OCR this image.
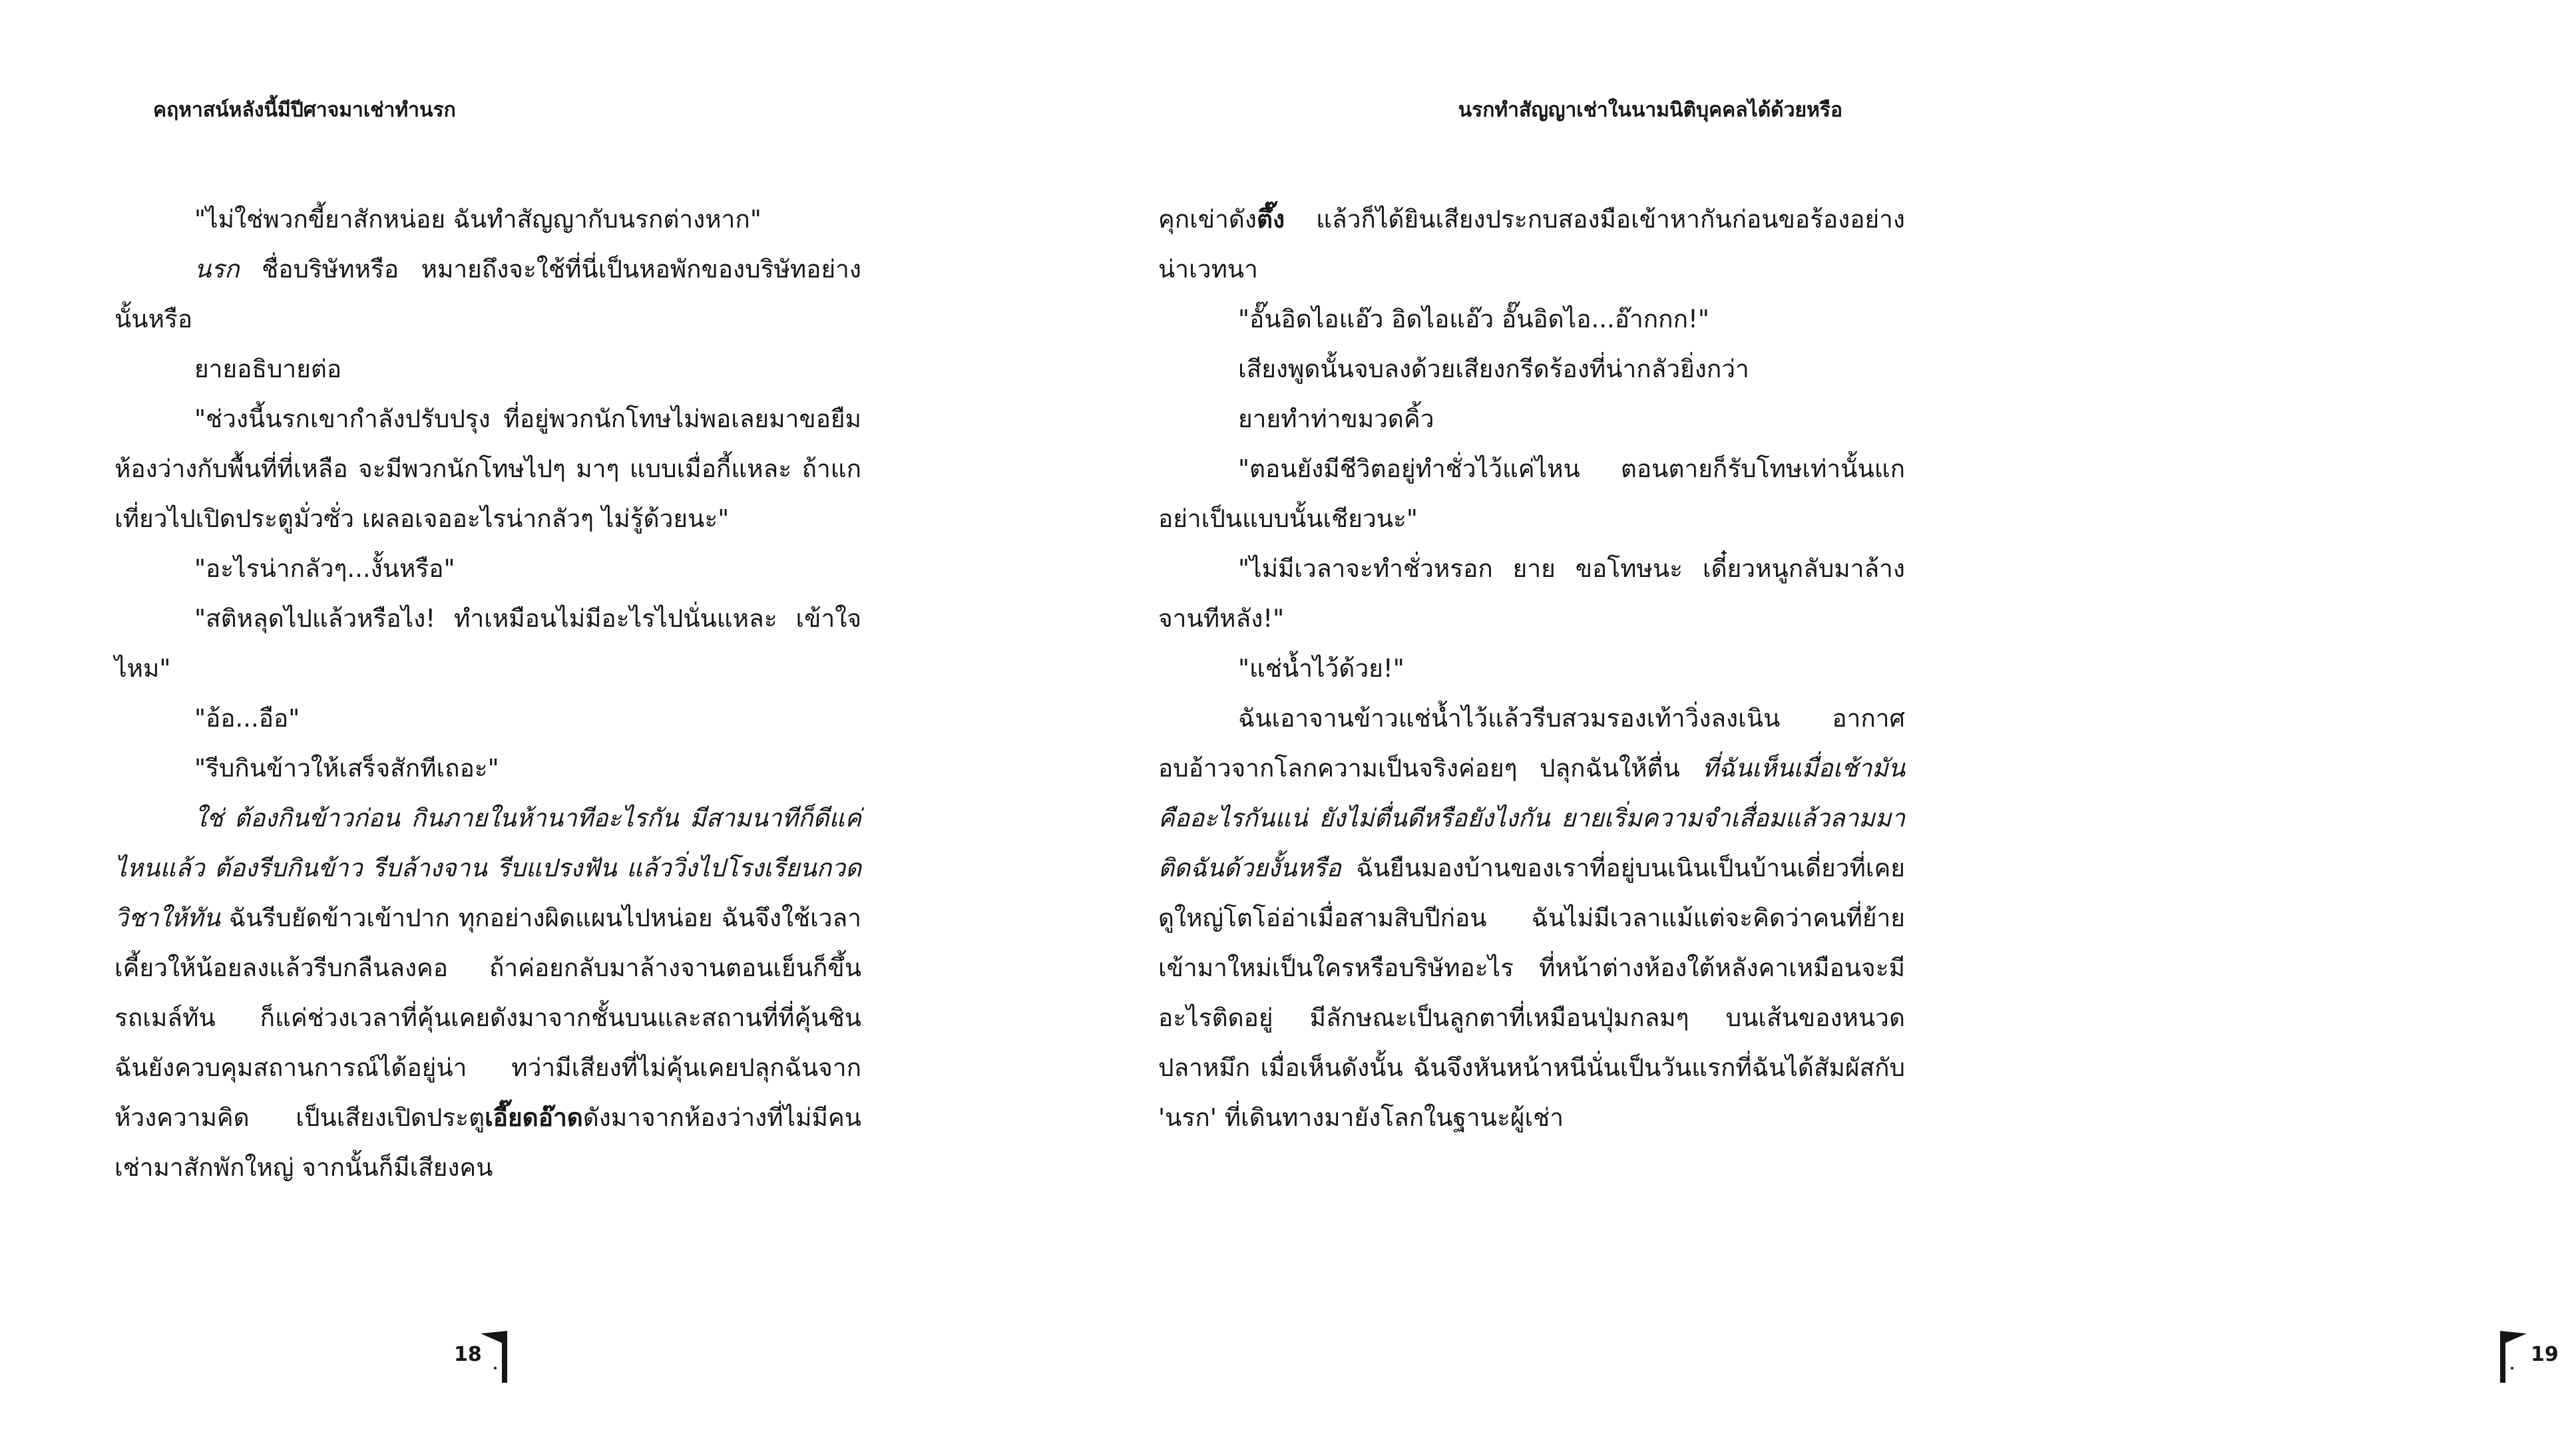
คฤหาสน์หลังนี้มีปีศาจมาเช่าทำนรก

"ไม่ใช่พวกขี้ยาสักหน่อย ฉันทำสัญญากับนรกต่างหาก"

นรก ชื่อบริษัทหรือ หมายถึงจะใช้ที่นี่เป็นหอพักของบริษัทอย่างนั้นหรือ

ยายอธิบายต่อ

"ช่วงนี้นรกเขากำลังปรับปรุง ที่อยู่พวกนักโทษไม่พอเลยมาขอยืมห้องว่างกับพื้นที่ที่เหลือ จะมีพวกนักโทษไปๆ มาๆ แบบเมื่อกี้แหละ ถ้าแกเที่ยวไปเปิดประตูมั่วซั่ว เผลอเจออะไรน่ากลัวๆ ไม่รู้ด้วยนะ"

"อะไรน่ากลัวๆ...งั้นหรือ"

"สติหลุดไปแล้วหรือไง! ทำเหมือนไม่มีอะไรไปนั่นแหละ เข้าใจไหม"

"อ้อ...อือ"

"รีบกินข้าวให้เสร็จสักทีเถอะ"

ใช่ ต้องกินข้าวก่อน กินภายในห้านาทีอะไรกัน มีสามนาทีก็ดีแค่ไหนแล้ว ต้องรีบกินข้าว รีบล้างจาน รีบแปรงฟัน แล้ววิ่งไปโรงเรียนกวดวิชาให้ทัน ฉันรีบยัดข้าวเข้าปาก ทุกอย่างผิดแผนไปหน่อย ฉันจึงใช้เวลาเคี้ยวให้น้อยลงแล้วรีบกลืนลงคอ ถ้าค่อยกลับมาล้างจานตอนเย็นก็ขึ้นรถเมล์ทัน ก็แค่ช่วงเวลาที่คุ้นเคยดังมาจากชั้นบนและสถานที่ที่คุ้นชิน ฉันยังควบคุมสถานการณ์ได้อยู่น่า ทว่ามีเสียงที่ไม่คุ้นเคยปลุกฉันจากห้วงความคิด เป็นเสียงเปิดประตูเอี๊ยดอ๊าดดังมาจากห้องว่างที่ไม่มีคนเช่ามาสักพักใหญ่ จากนั้นก็มีเสียงคน

18
นรกทำสัญญาเช่าในนามนิติบุคคลได้ด้วยหรือ

คุกเข่าดังตึ๊ง แล้วก็ได้ยินเสียงประกบสองมือเข้าหากันก่อนขอร้องอย่างน่าเวทนา

"อั๊นอิดไอแอ๊ว อิดไอแอ๊ว อั๊นอิดไอ...อ๊ากกก!"

เสียงพูดนั้นจบลงด้วยเสียงกรีดร้องที่น่ากลัวยิ่งกว่า

ยายทำท่าขมวดคิ้ว

"ตอนยังมีชีวิตอยู่ทำชั่วไว้แค่ไหน ตอนตายก็รับโทษเท่านั้นแกอย่าเป็นแบบนั้นเชียวนะ"

"ไม่มีเวลาจะทำชั่วหรอก ยาย ขอโทษนะ เดี๋ยวหนูกลับมาล้างจานทีหลัง!"

"แช่น้ำไว้ด้วย!"

ฉันเอาจานข้าวแช่น้ำไว้แล้วรีบสวมรองเท้าวิ่งลงเนิน อากาศอบอ้าวจากโลกความเป็นจริงค่อยๆ ปลุกฉันให้ตื่น ที่ฉันเห็นเมื่อเช้ามันคืออะไรกันแน่ ยังไม่ตื่นดีหรือยังไงกัน ยายเริ่มความจำเสื่อมแล้วลามมาติดฉันด้วยงั้นหรือ ฉันยืนมองบ้านของเราที่อยู่บนเนินเป็นบ้านเดี่ยวที่เคยดูใหญ่โตโอ่อ่าเมื่อสามสิบปีก่อน ฉันไม่มีเวลาแม้แต่จะคิดว่าคนที่ย้ายเข้ามาใหม่เป็นใครหรือบริษัทอะไร ที่หน้าต่างห้องใต้หลังคาเหมือนจะมีอะไรติดอยู่ มีลักษณะเป็นลูกตาที่เหมือนปุ่มกลมๆ บนเส้นของหนวดปลาหมึก เมื่อเห็นดังนั้น ฉันจึงหันหน้าหนีนั่นเป็นวันแรกที่ฉันได้สัมผัสกับ 'นรก' ที่เดินทางมายังโลกในฐานะผู้เช่า

19
